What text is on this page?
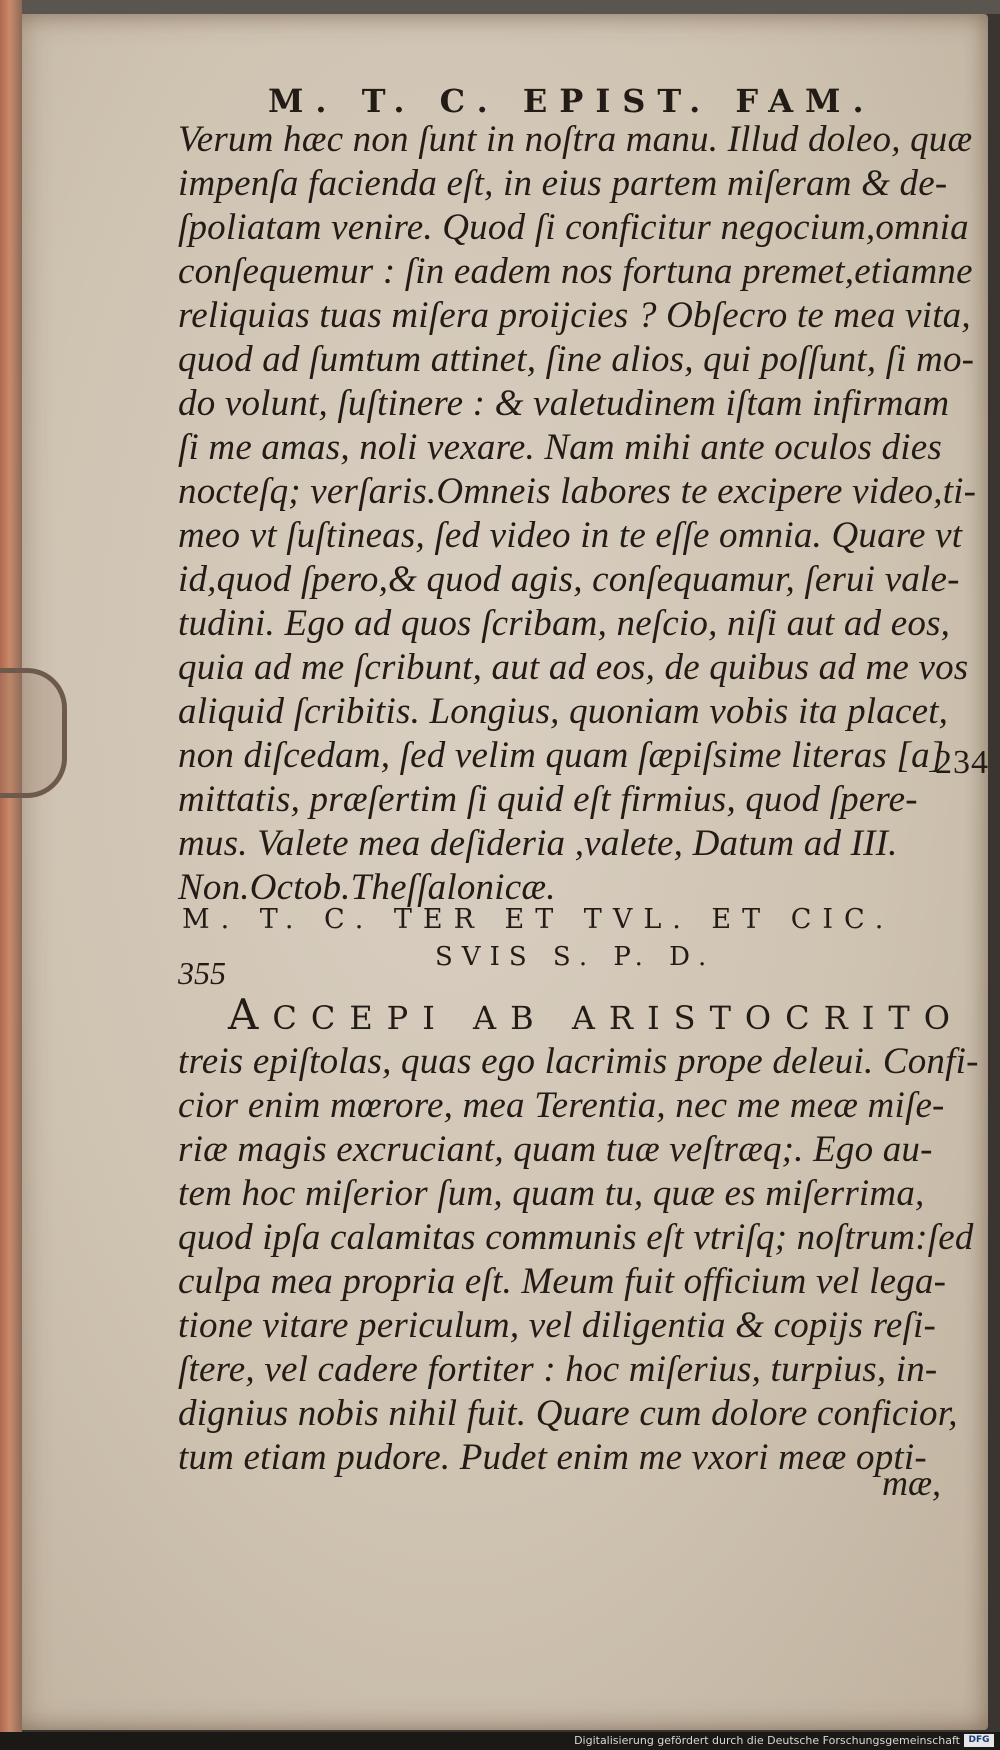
M. T. C. EPIST. FAM.
Verum hæc non ſunt in noſtra manu. Illud doleo, quæ
impenſa facienda eſt, in eius partem miſeram & de-
ſpoliatam venire. Quod ſi conficitur negocium,omnia
conſequemur : ſin eadem nos fortuna premet,etiamne
reliquias tuas miſera proijcies ? Obſecro te mea vita,
quod ad ſumtum attinet, ſine alios, qui poſſunt, ſi mo-
do volunt, ſuſtinere : & valetudinem iſtam infirmam
ſi me amas, noli vexare. Nam mihi ante oculos dies
nocteſq; verſaris.Omneis labores te excipere video,ti-
meo vt ſuſtineas, ſed video in te eſſe omnia. Quare vt
id,quod ſpero,& quod agis, conſequamur, ſerui vale-
tudini. Ego ad quos ſcribam, neſcio, niſi aut ad eos,
quia ad me ſcribunt, aut ad eos, de quibus ad me vos
aliquid ſcribitis. Longius, quoniam vobis ita placet,
non diſcedam, ſed velim quam ſæpiſsime literas [a]
mittatis, præſertim ſi quid eſt firmius, quod ſpere-
mus. Valete mea deſideria ,valete, Datum ad III.
Non.Octob.Theſſalonicæ.
234
M. T. C. TER ET TVL. ET CIC.
SVIS S. P. D.
355
ACCEPI AB ARISTOCRITO
treis epiſtolas, quas ego lacrimis prope deleui. Confi-
cior enim mœrore, mea Terentia, nec me meæ miſe-
riæ magis excruciant, quam tuæ veſtræq;. Ego au-
tem hoc miſerior ſum, quam tu, quæ es miſerrima,
quod ipſa calamitas communis eſt vtriſq; noſtrum:ſed
culpa mea propria eſt. Meum fuit officium vel lega-
tione vitare periculum, vel diligentia & copijs reſi-
ſtere, vel cadere fortiter : hoc miſerius, turpius, in-
dignius nobis nihil fuit. Quare cum dolore conficior,
tum etiam pudore. Pudet enim me vxori meæ opti-
mæ,
Digitalisierung gefördert durch die Deutsche Forschungsgemeinschaft DFG
